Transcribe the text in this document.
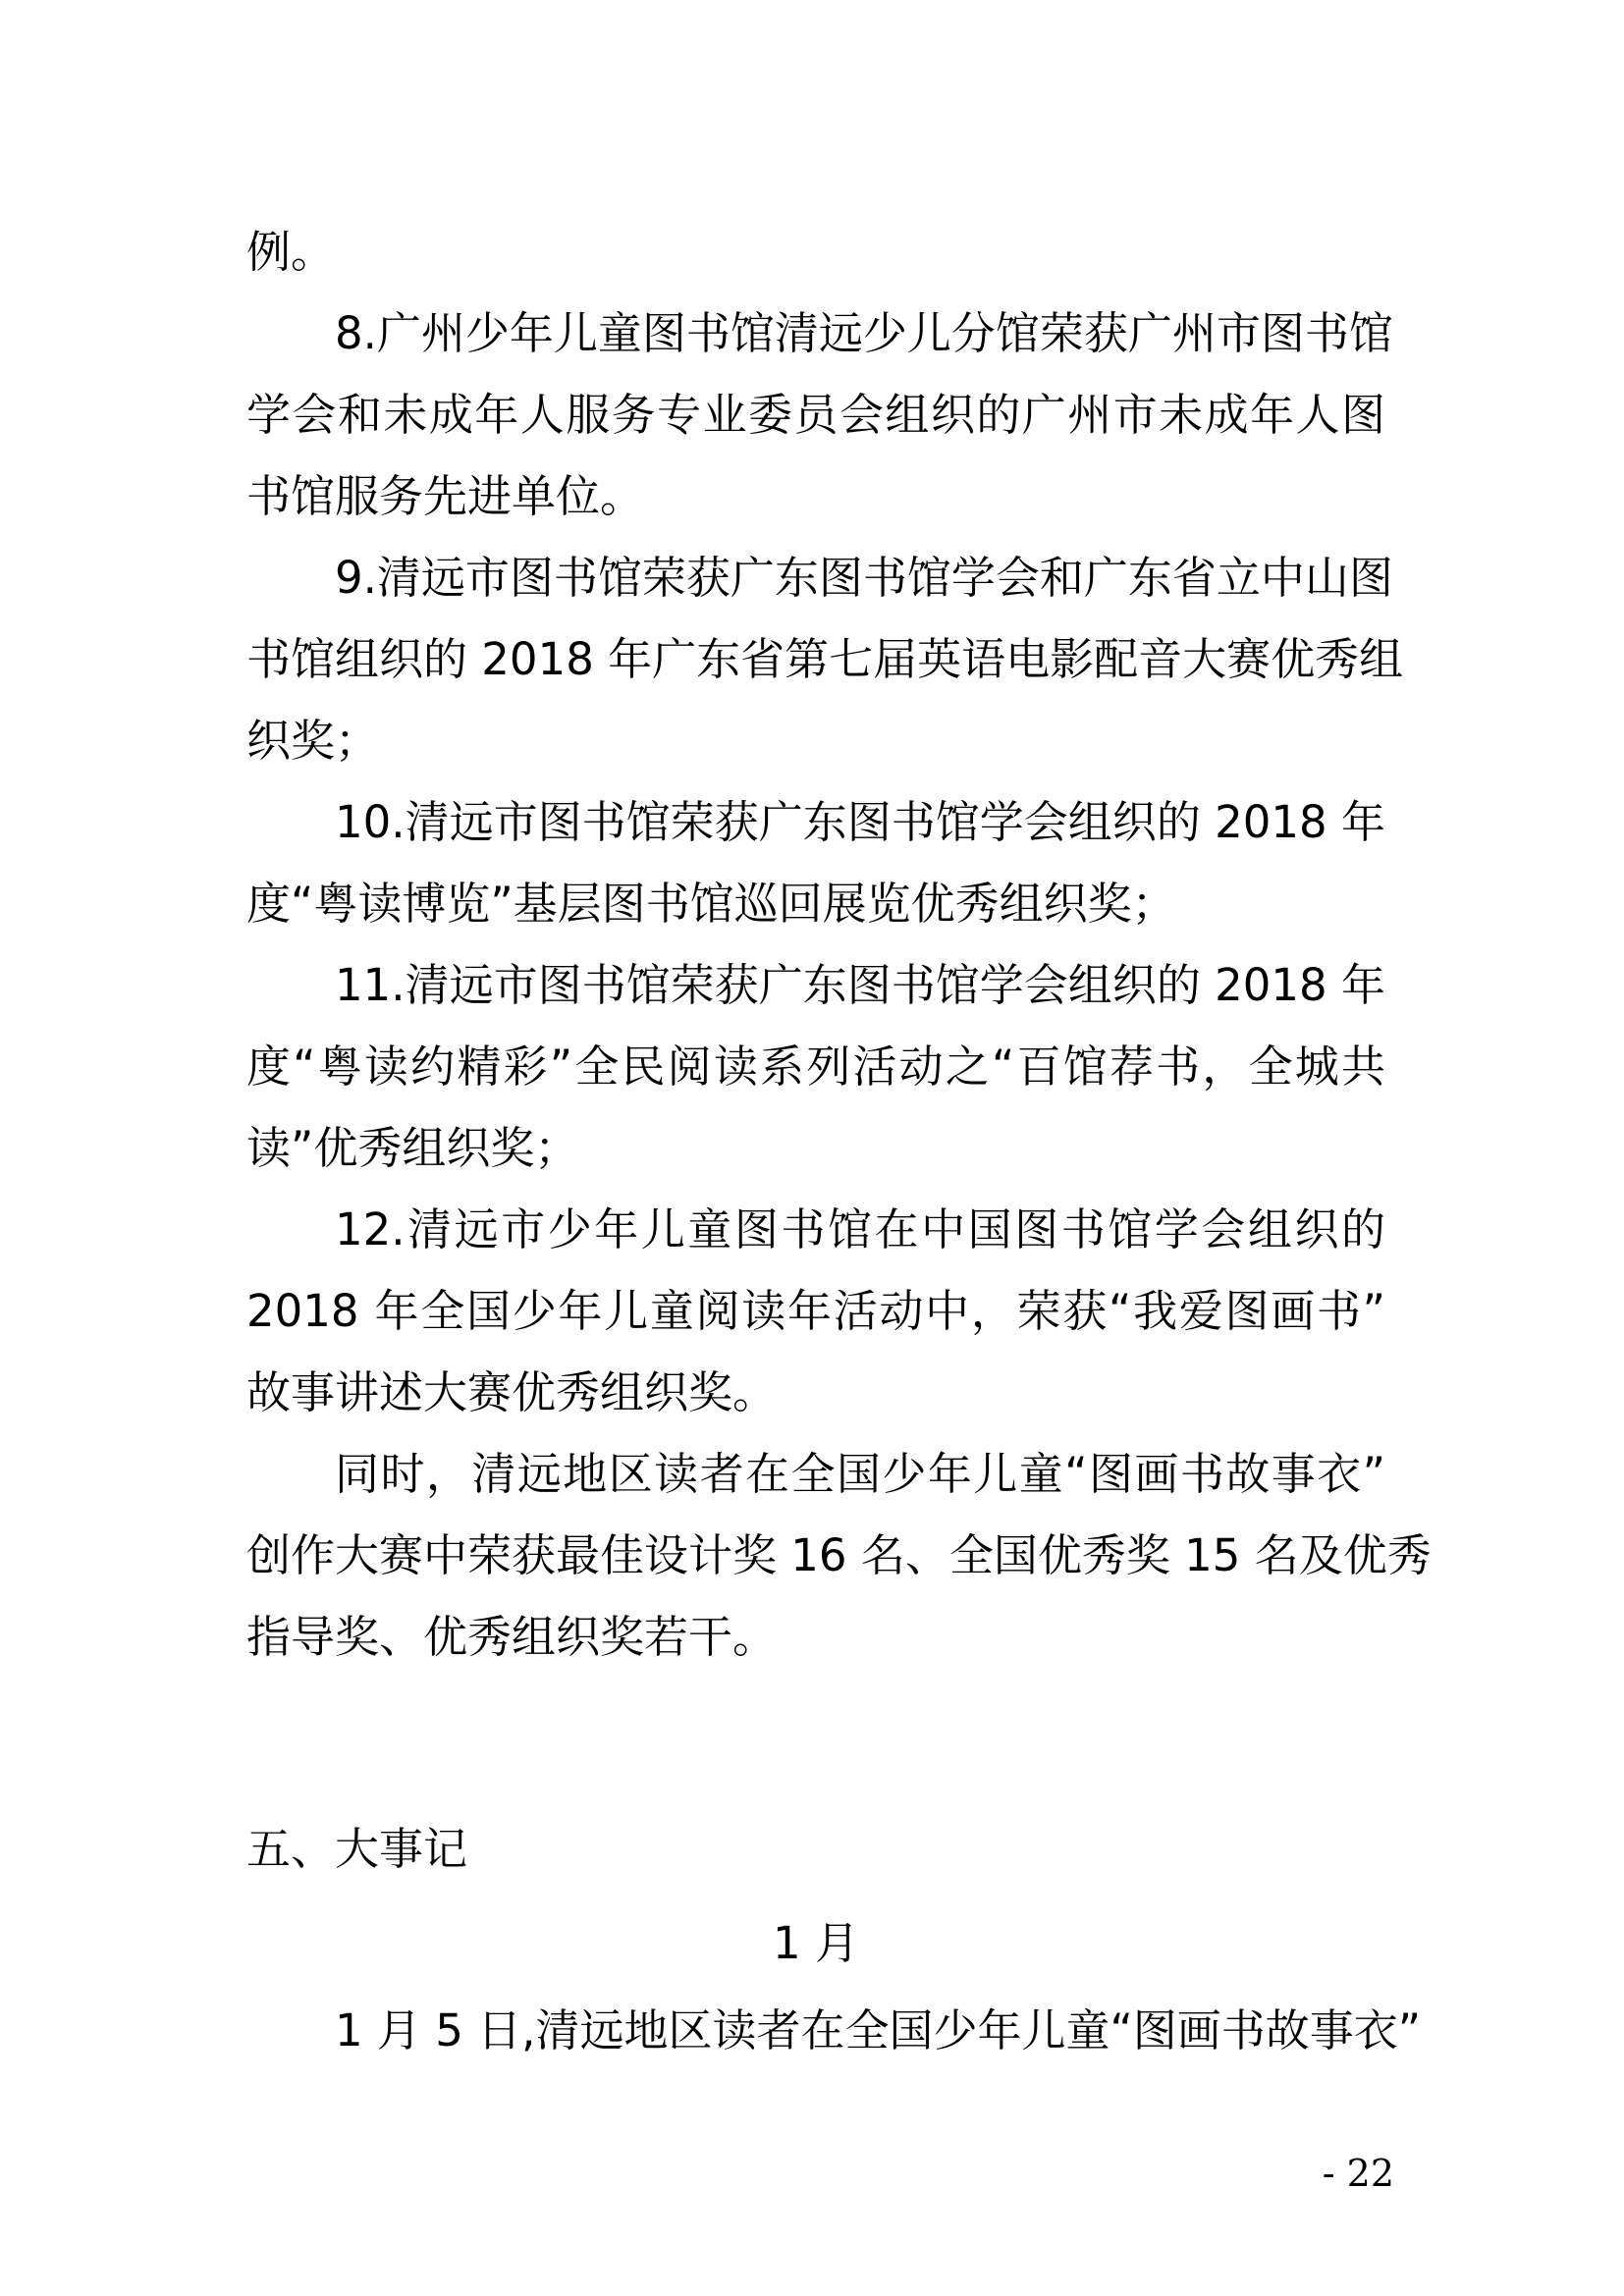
例。
8.广州少年儿童图书馆清远少儿分馆荣获广州市图书馆
学会和未成年人服务专业委员会组织的广州市未成年人图
书馆服务先进单位。
9.清远市图书馆荣获广东图书馆学会和广东省立中山图
书馆组织的 2018 年广东省第七届英语电影配音大赛优秀组
织奖；
10.清远市图书馆荣获广东图书馆学会组织的 2018 年
度“粤读博览”基层图书馆巡回展览优秀组织奖；
11.清远市图书馆荣获广东图书馆学会组织的 2018 年
度“粤读约精彩”全民阅读系列活动之“百馆荐书，全城共
读”优秀组织奖；
12.清远市少年儿童图书馆在中国图书馆学会组织的
2018 年全国少年儿童阅读年活动中，荣获“我爱图画书”
故事讲述大赛优秀组织奖。
同时，清远地区读者在全国少年儿童“图画书故事衣”
创作大赛中荣获最佳设计奖 16 名、全国优秀奖 15 名及优秀
指导奖、优秀组织奖若干。
五、大事记
1 月
1 月 5 日,清远地区读者在全国少年儿童“图画书故事衣”
- 22
